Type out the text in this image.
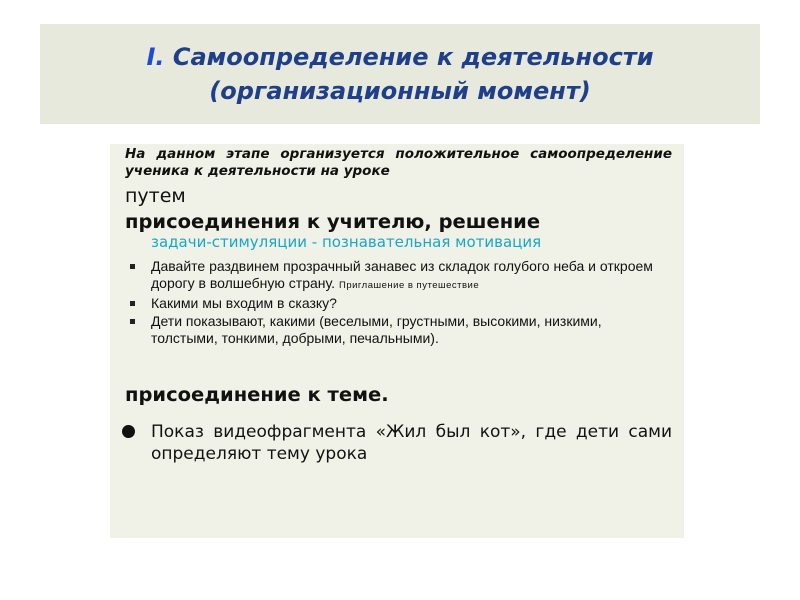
I. Самоопределение к деятельности
(организационный момент)

На данном этапе организуется положительное самоопределение ученика к деятельности на уроке

путем

присоединения к учителю, решение

задачи-стимуляции - познавательная мотивация

Давайте раздвинем прозрачный занавес из складок голубого неба и откроем дорогу в волшебную страну. Приглашение в путешествие
Какими мы входим в сказку?
Дети показывают, какими (веселыми, грустными, высокими, низкими, толстыми, тонкими, добрыми, печальными).

присоединение к теме.

Показ видеофрагмента «Жил был кот», где дети сами определяют тему урока
